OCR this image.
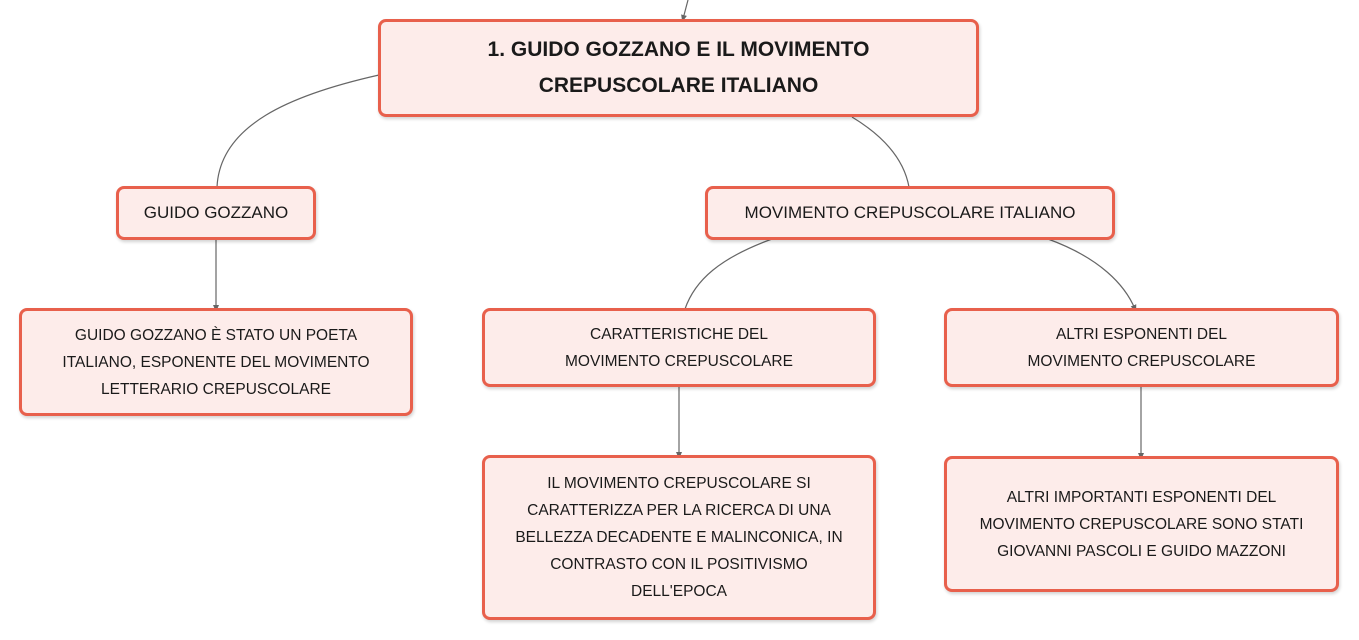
1. GUIDO GOZZANO E IL MOVIMENTO CREPUSCOLARE ITALIANO
GUIDO GOZZANO	MOVIMENTO CREPUSCOLARE ITALIANO
GUIDO GOZZANO È STATO UN POETA ITALIANO, ESPONENTE DEL MOVIMENTO LETTERARIO CREPUSCOLARE
CARATTERISTICHE DEL MOVIMENTO CREPUSCOLARE
ALTRI ESPONENTI DEL MOVIMENTO CREPUSCOLARE
IL MOVIMENTO CREPUSCOLARE SI CARATTERIZZA PER LA RICERCA DI UNA BELLEZZA DECADENTE E MALINCONICA, IN CONTRASTO CON IL POSITIVISMO DELL'EPOCA
ALTRI IMPORTANTI ESPONENTI DEL MOVIMENTO CREPUSCOLARE SONO STATI GIOVANNI PASCOLI E GUIDO MAZZONI
